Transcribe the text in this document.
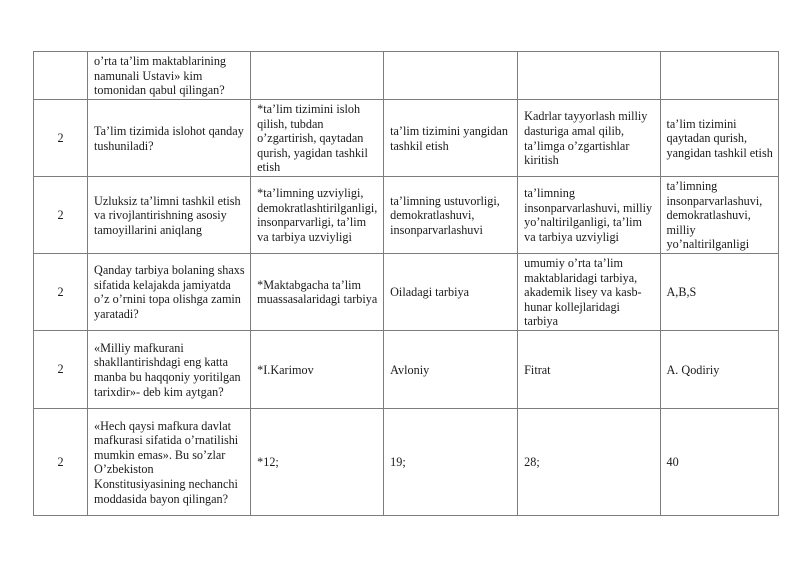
	o’rta ta’lim maktablarining namunali Ustavi» kim tomonidan qabul qilingan?				
2	Ta’lim tizimida islohot qanday tushuniladi?	*ta’lim tizimini isloh qilish, tubdan o’zgartirish, qaytadan qurish, yagidan tashkil etish	ta’lim tizimini yangidan tashkil etish	Kadrlar tayyorlash milliy dasturiga amal qilib, ta’limga o’zgartishlar kiritish	ta’lim tizimini qaytadan qurish, yangidan tashkil etish
2	Uzluksiz ta’limni tashkil etish va rivojlantirishning asosiy tamoyillarini aniqlang	*ta’limning uzviyligi, demokratlashtirilganligi, insonparvarligi, ta’lim va tarbiya uzviyligi	ta’limning ustuvorligi, demokratlashuvi, insonparvarlashuvi	ta’limning insonparvarlashuvi, milliy yo’naltirilganligi, ta’lim va tarbiya uzviyligi	ta’limning insonparvarlashuvi, demokratlashuvi, milliy yo’naltirilganligi
2	Qanday tarbiya bolaning shaxs sifatida kelajakda jamiyatda o’z o’rnini topa olishga zamin yaratadi?	*Maktabgacha ta’lim muassasalaridagi tarbiya	Oiladagi tarbiya	umumiy o’rta ta’lim maktablaridagi tarbiya, akademik lisey va kasb-hunar kollejlaridagi tarbiya	A,B,S
2	«Milliy mafkurani shakllantirishdagi eng katta manba bu haqqoniy yoritilgan tarixdir»- deb kim aytgan?	*I.Karimov	Avloniy	Fitrat	A. Qodiriy
2	«Hech qaysi mafkura davlat mafkurasi sifatida o’rnatilishi mumkin emas». Bu so’zlar O’zbekiston Konstitusiyasining nechanchi moddasida bayon qilingan?	*12;	19;	28;	40
